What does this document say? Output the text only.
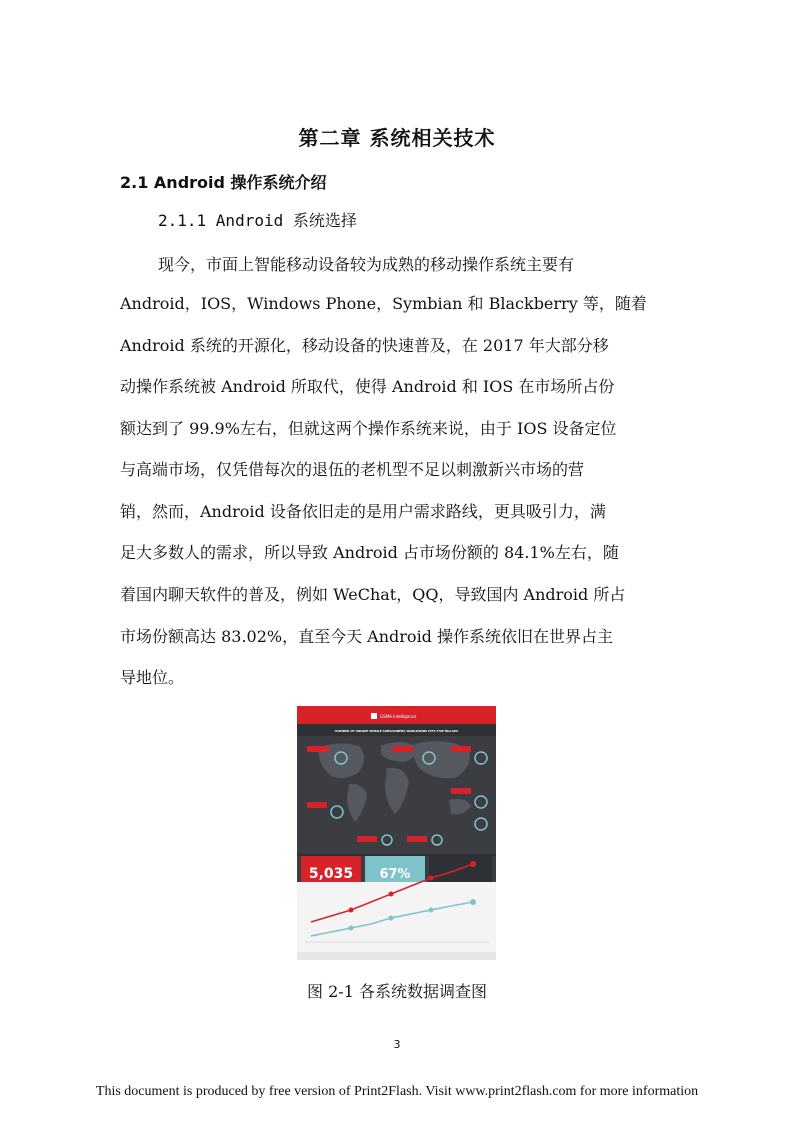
第二章 系统相关技术
2.1 Android 操作系统介绍
2.1.1 Android 系统选择
现今，市面上智能移动设备较为成熟的移动操作系统主要有
Android，IOS，Windows Phone，Symbian 和 Blackberry 等，随着
Android 系统的开源化，移动设备的快速普及，在 2017 年大部分移
动操作系统被 Android 所取代，使得 Android 和 IOS 在市场所占份
额达到了 99.9%左右，但就这两个操作系统来说，由于 IOS 设备定位
与高端市场，仅凭借每次的退伍的老机型不足以刺激新兴市场的营
销，然而，Android 设备依旧走的是用户需求路线，更具吸引力，满
足大多数人的需求，所以导致 Android 占市场份额的 84.1%左右，随
着国内聊天软件的普及，例如 WeChat，QQ，导致国内 Android 所占
市场份额高达 83.02%，直至今天 Android 操作系统依旧在世界占主
导地位。
GSMA Intelligence
NUMBER OF UNIQUE MOBILE SUBSCRIBERS WORLDWIDE HITS FIVE BILLION
5,035 67%
图 2-1 各系统数据调查图
3
This document is produced by free version of Print2Flash. Visit www.print2flash.com for more information
